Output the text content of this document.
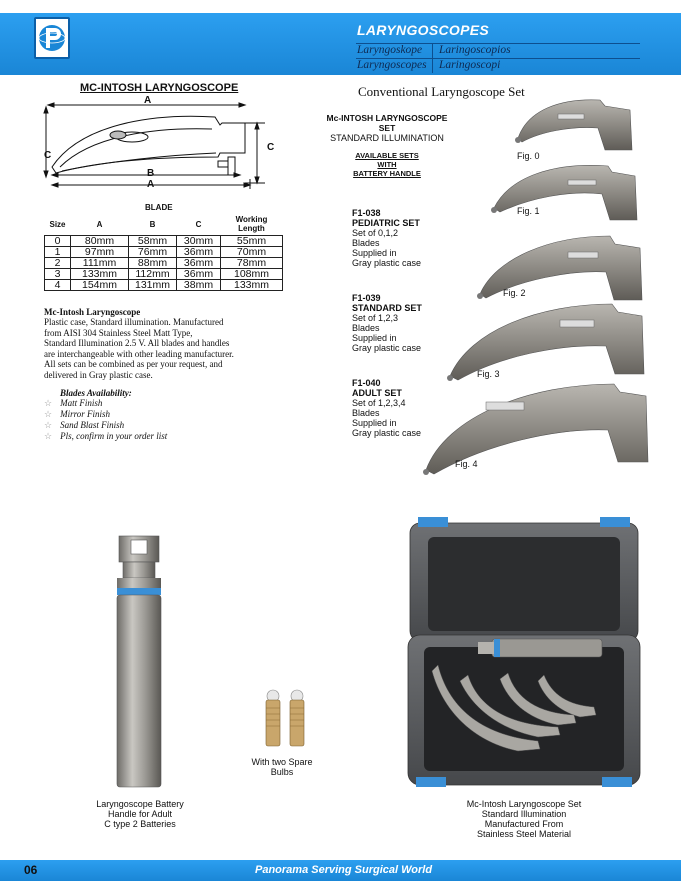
LARYNGOSCOPES
Laryngoskope Laringoscopios
Laryngoscopes Laringoscopi
MC-INTOSH LARYNGOSCOPE
A
C
C
B
A
BLADE
Size	A	B	C	Working Length
0	80mm	58mm	30mm	55mm
1	97mm	76mm	36mm	70mm
2	111mm	88mm	36mm	78mm
3	133mm	112mm	36mm	108mm
4	154mm	131mm	38mm	133mm
Mc-Intosh Laryngoscope
Plastic case, Standard illumination. Manufactured
from AISI 304 Stainless Steel Matt Type,
Standard Illumination 2.5 V. All blades and handles
are interchangeable with other leading manufacturer.
All sets can be combined as per your request, and
delivered in Gray plastic case.
Blades Availability:
☆ Matt Finish
☆ Mirror Finish
☆ Sand Blast Finish
☆ Pls, confirm in your order list
Conventional Laryngoscope Set
Mc-INTOSH LARYNGOSCOPE
SET
STANDARD ILLUMINATION
AVAILABLE SETS
WITH
BATTERY HANDLE
F1-038
PEDIATRIC SET
Set of 0,1,2
Blades
Supplied in
Gray plastic case
F1-039
STANDARD SET
Set of 1,2,3
Blades
Supplied in
Gray plastic case
F1-040
ADULT SET
Set of 1,2,3,4
Blades
Supplied in
Gray plastic case
Fig. 0
Fig. 1
Fig. 2
Fig. 3
Fig. 4
Laryngoscope Battery
Handle for Adult
C type 2 Batteries
With two Spare
Bulbs
Mc-Intosh Laryngoscope Set
Standard Illumination
Manufactured From
Stainless Steel Material
06	Panorama Serving Surgical World
